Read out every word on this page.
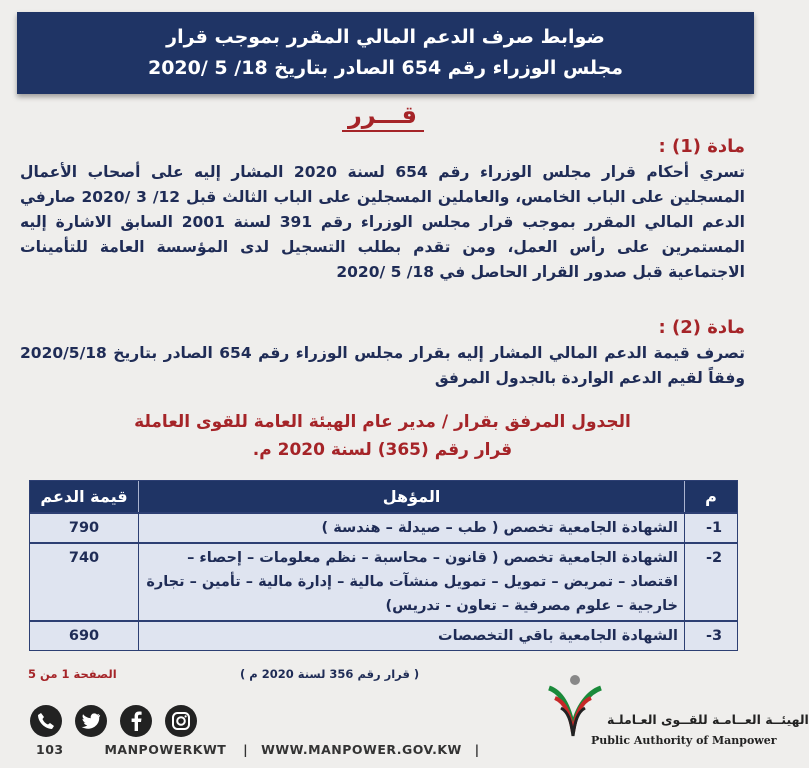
ضوابط صرف الدعم المالي المقرر بموجب قرار
مجلس الوزراء رقم 654 الصادر بتاريخ 18/ 5 /2020
قـــرر
مادة (1) :
تسري أحكام قرار مجلس الوزراء رقم 654 لسنة 2020 المشار إليه على أصحاب الأعمال المسجلين على الباب الخامس، والعاملين المسجلين على الباب الثالث قبل 12/ 3 /2020 صارفي الدعم المالي المقرر بموجب قرار مجلس الوزراء رقم 391 لسنة 2001 السابق الاشارة إليه المستمرين على رأس العمل، ومن تقدم بطلب التسجيل لدى المؤسسة العامة للتأمينات الاجتماعية قبل صدور القرار الحاصل في 18/ 5 /2020
مادة (2) :
تصرف قيمة الدعم المالي المشار إليه بقرار مجلس الوزراء رقم 654 الصادر بتاريخ 2020/5/18 وفقاً لقيم الدعم الواردة بالجدول المرفق
الجدول المرفق بقرار / مدير عام الهيئة العامة للقوى العاملة
قرار رقم (365) لسنة 2020 م.
م	المؤهل	قيمة الدعم
1-	الشهادة الجامعية تخصص ( طب – صيدلة – هندسة )	790
2-	الشهادة الجامعية تخصص ( قانون – محاسبة – نظم معلومات – إحصاء – اقتصاد – تمريض – تمويل – تمويل منشآت مالية – إدارة مالية – تأمين – تجارة خارجية – علوم مصرفية – تعاون - تدريس)	740
3-	الشهادة الجامعية باقي التخصصات	690
الصفحة 1 من 5	( قرار رقم 356 لسنة 2020 م )
103	MANPOWERKWT | WWW.MANPOWER.GOV.KW |
الهيئــة العــامـة للقــوى العـاملـة
Public Authority of Manpower
